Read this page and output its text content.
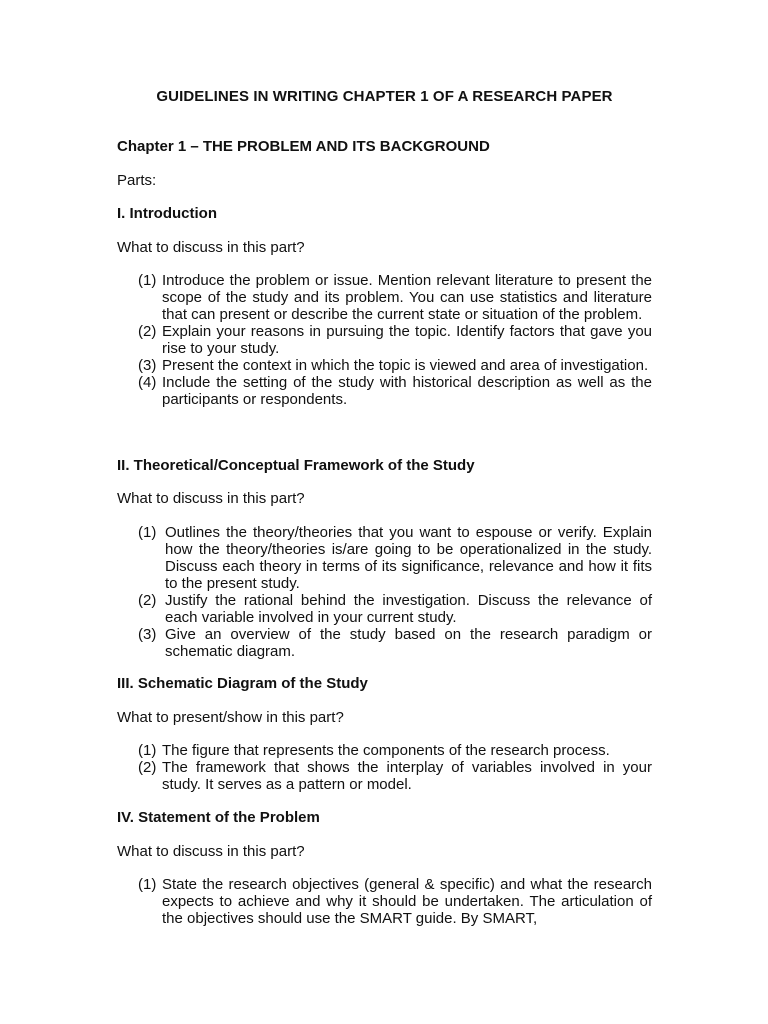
GUIDELINES IN WRITING CHAPTER 1 OF A RESEARCH PAPER
Chapter 1 – THE PROBLEM AND ITS BACKGROUND
Parts:
I. Introduction
What to discuss in this part?
(1) Introduce the problem or issue. Mention relevant literature to present the scope of the study and its problem. You can use statistics and literature that can present or describe the current state or situation of the problem.
(2) Explain your reasons in pursuing the topic. Identify factors that gave you rise to your study.
(3) Present the context in which the topic is viewed and area of investigation.
(4) Include the setting of the study with historical description as well as the participants or respondents.
II. Theoretical/Conceptual Framework of the Study
What to discuss in this part?
(1) Outlines the theory/theories that you want to espouse or verify. Explain how the theory/theories is/are going to be operationalized in the study. Discuss each theory in terms of its significance, relevance and how it fits to the present study.
(2) Justify the rational behind the investigation. Discuss the relevance of each variable involved in your current study.
(3) Give an overview of the study based on the research paradigm or schematic diagram.
III. Schematic Diagram of the Study
What to present/show in this part?
(1) The figure that represents the components of the research process.
(2) The framework that shows the interplay of variables involved in your study. It serves as a pattern or model.
IV. Statement of the Problem
What to discuss in this part?
(1) State the research objectives (general & specific) and what the research expects to achieve and why it should be undertaken. The articulation of the objectives should use the SMART guide. By SMART,
